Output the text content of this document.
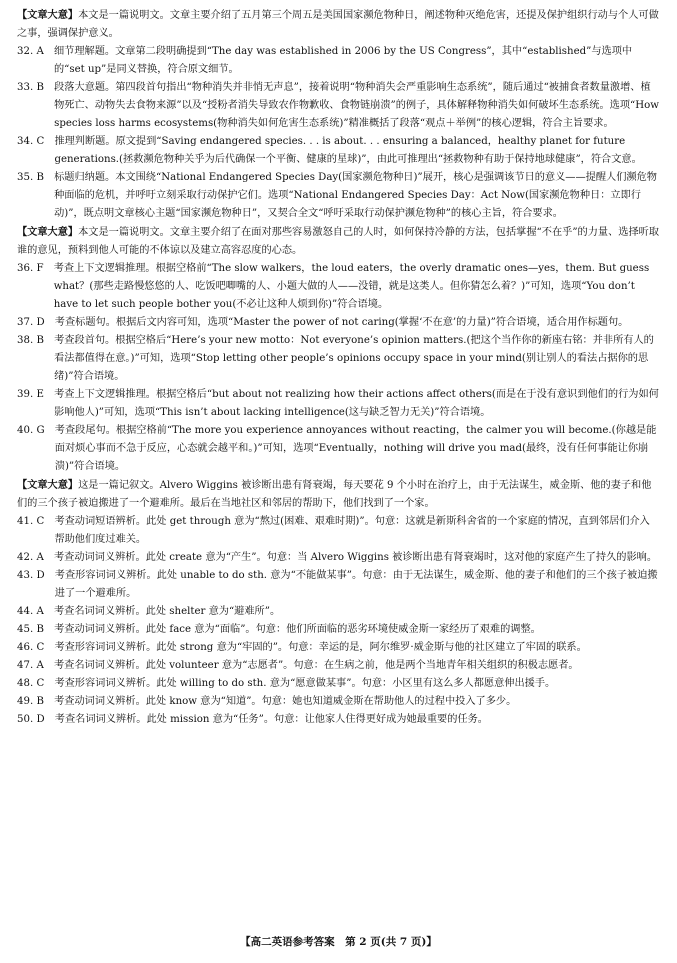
【文章大意】本文是一篇说明文。文章主要介绍了五月第三个周五是美国国家濒危物种日，阐述物种灭绝危害，还提及保护组织行动与个人可做之事，强调保护意义。

32. A　 细节理解题。文章第二段明确提到“The day was established in 2006 by the US Congress”，其中“established”与选项中的“set up”是同义替换，符合原文细节。
33. B　 段落大意题。第四段首句指出“物种消失并非悄无声息”，接着说明“物种消失会严重影响生态系统”，随后通过“被捕食者数量激增、植物死亡、动物失去食物来源”以及“授粉者消失导致农作物歉收、食物链崩溃”的例子，具体解释物种消失如何破坏生态系统。选项“How species loss harms ecosystems(物种消失如何危害生态系统)”精准概括了段落“观点＋举例”的核心逻辑，符合主旨要求。
34. C　 推理判断题。原文提到“Saving endangered species. . . is about. . . ensuring a balanced，healthy planet for future generations.(拯救濒危物种关乎为后代确保一个平衡、健康的星球)”，由此可推理出“拯救物种有助于保持地球健康”，符合文意。
35. B　 标题归纳题。本文围绕“National Endangered Species Day(国家濒危物种日)”展开，核心是强调该节日的意义——提醒人们濒危物种面临的危机，并呼吁立刻采取行动保护它们。选项“National Endangered Species Day：Act Now(国家濒危物种日：立即行动)”，既点明文章核心主题“国家濒危物种日”，又契合全文“呼吁采取行动保护濒危物种”的核心主旨，符合要求。

【文章大意】本文是一篇说明文。文章主要介绍了在面对那些容易激怒自己的人时，如何保持冷静的方法，包括掌握“不在乎”的力量、选择听取谁的意见，预料到他人可能的不体谅以及建立高容忍度的心态。

36. F　 考查上下文逻辑推理。根据空格前“The slow walkers，the loud eaters，the overly dramatic ones—yes，them. But guess what？(那些走路慢悠悠的人、吃饭吧唧嘴的人、小题大做的人——没错，就是这类人。但你猜怎么着？)”可知，选项“You don’t have to let such people bother you(不必让这种人烦到你)”符合语境。
37. D　 考查标题句。根据后文内容可知，选项“Master the power of not caring(掌握‘不在意’的力量)”符合语境，适合用作标题句。
38. B　 考查段首句。根据空格后“Here’s your new motto：Not everyone’s opinion matters.(把这个当作你的新座右铭：并非所有人的看法都值得在意。)”可知，选项“Stop letting other people’s opinions occupy space in your mind(别让别人的看法占据你的思绪)”符合语境。
39. E　 考查上下文逻辑推理。根据空格后“but about not realizing how their actions affect others(而是在于没有意识到他们的行为如何影响他人)”可知，选项“This isn’t about lacking intelligence(这与缺乏智力无关)”符合语境。
40. G　 考查段尾句。根据空格前“The more you experience annoyances without reacting，the calmer you will become.(你越是能面对烦心事而不急于反应，心态就会越平和。)”可知，选项“Eventually，nothing will drive you mad(最终，没有任何事能让你崩溃)”符合语境。

【文章大意】这是一篇记叙文。Alvero Wiggins 被诊断出患有肾衰竭，每天要花 9 个小时在治疗上，由于无法谋生，威金斯、他的妻子和他们的三个孩子被迫搬进了一个避难所。最后在当地社区和邻居的帮助下，他们找到了一个家。

41. C　 考查动词短语辨析。此处 get through 意为“熬过(困难、艰难时期)”。句意：这就是新斯科舍省的一个家庭的情况，直到邻居们介入帮助他们度过难关。
42. A　 考查动词词义辨析。此处 create 意为“产生”。句意：当 Alvero Wiggins 被诊断出患有肾衰竭时，这对他的家庭产生了持久的影响。
43. D　 考查形容词词义辨析。此处 unable to do sth. 意为“不能做某事”。句意：由于无法谋生，威金斯、他的妻子和他们的三个孩子被迫搬进了一个避难所。
44. A　 考查名词词义辨析。此处 shelter 意为“避难所”。
45. B　 考查动词词义辨析。此处 face 意为“面临”。句意：他们所面临的恶劣环境使威金斯一家经历了艰难的调整。
46. C　 考查形容词词义辨析。此处 strong 意为“牢固的”。句意：幸运的是，阿尔维罗·威金斯与他的社区建立了牢固的联系。
47. A　 考查名词词义辨析。此处 volunteer 意为“志愿者”。句意：在生病之前，他是两个当地青年相关组织的积极志愿者。
48. C　 考查形容词词义辨析。此处 willing to do sth. 意为“愿意做某事”。句意：小区里有这么多人都愿意伸出援手。
49. B　 考查动词词义辨析。此处 know 意为“知道”。句意：她也知道威金斯在帮助他人的过程中投入了多少。
50. D　 考查名词词义辨析。此处 mission 意为“任务”。句意：让他家人住得更好成为她最重要的任务。
【高二英语参考答案　第 2 页(共 7 页)】
